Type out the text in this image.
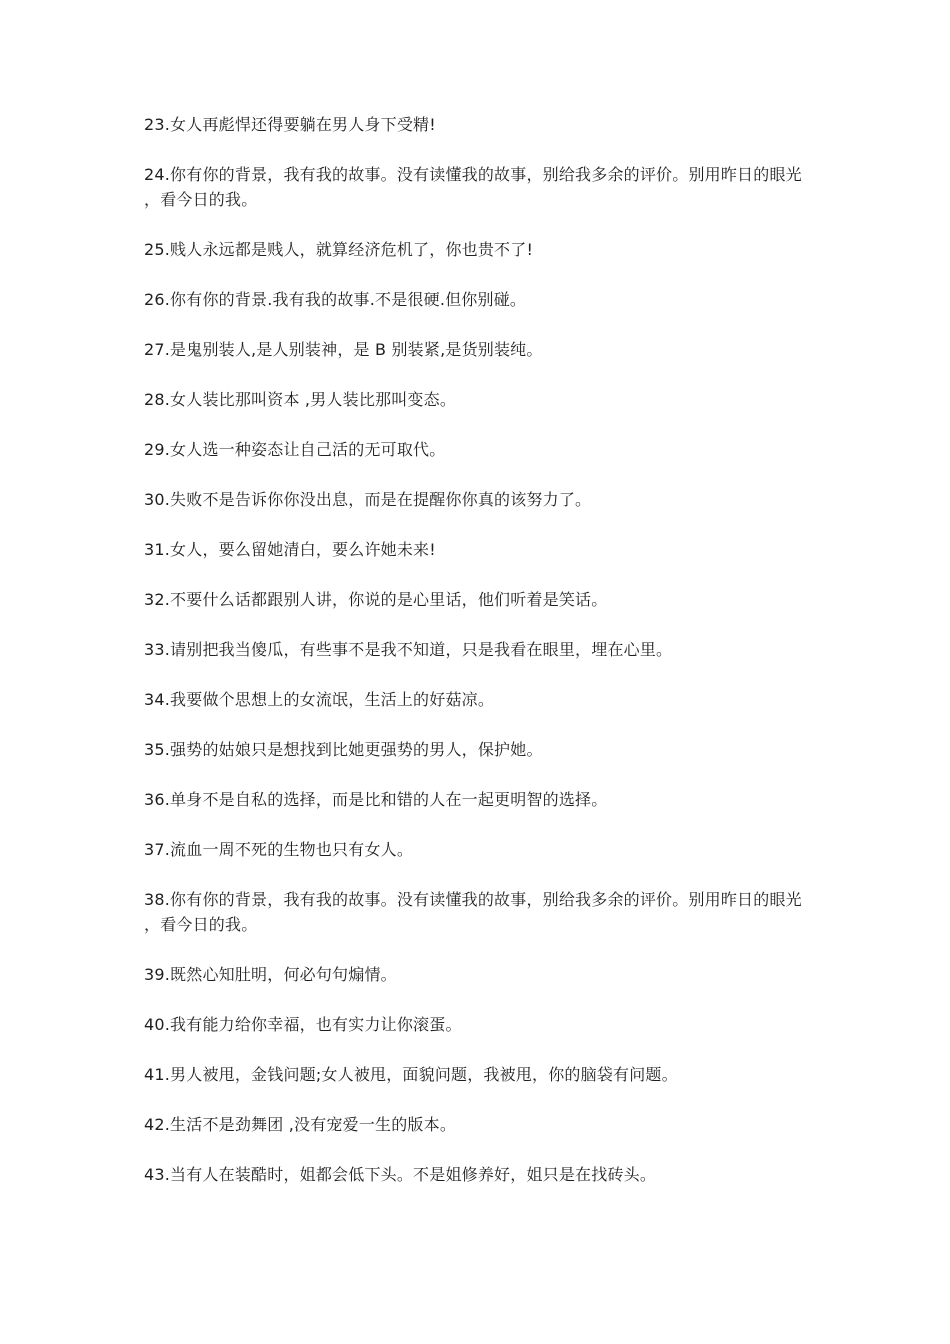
23.女人再彪悍还得要躺在男人身下受精!

24.你有你的背景，我有我的故事。没有读懂我的故事，别给我多余的评价。别用昨日的眼光 ，看今日的我。

25.贱人永远都是贱人，就算经济危机了，你也贵不了!

26.你有你的背景.我有我的故事.不是很硬.但你别碰。

27.是鬼别装人,是人别装神，是 B 别装紧,是货别装纯。

28.女人装比那叫资本 ,男人装比那叫变态。

29.女人选一种姿态让自己活的无可取代。

30.失败不是告诉你你没出息，而是在提醒你你真的该努力了。

31.女人，要么留她清白，要么许她未来!

32.不要什么话都跟别人讲，你说的是心里话，他们听着是笑话。

33.请别把我当傻瓜，有些事不是我不知道，只是我看在眼里，埋在心里。

34.我要做个思想上的女流氓，生活上的好菇凉。

35.强势的姑娘只是想找到比她更强势的男人，保护她。

36.单身不是自私的选择，而是比和错的人在一起更明智的选择。

37.流血一周不死的生物也只有女人。

38.你有你的背景，我有我的故事。没有读懂我的故事，别给我多余的评价。别用昨日的眼光 ，看今日的我。

39.既然心知肚明，何必句句煽情。

40.我有能力给你幸福，也有实力让你滚蛋。

41.男人被甩，金钱问题;女人被甩，面貌问题，我被甩，你的脑袋有问题。

42.生活不是劲舞团 ,没有宠爱一生的版本。

43.当有人在装酷时，姐都会低下头。不是姐修养好，姐只是在找砖头。
